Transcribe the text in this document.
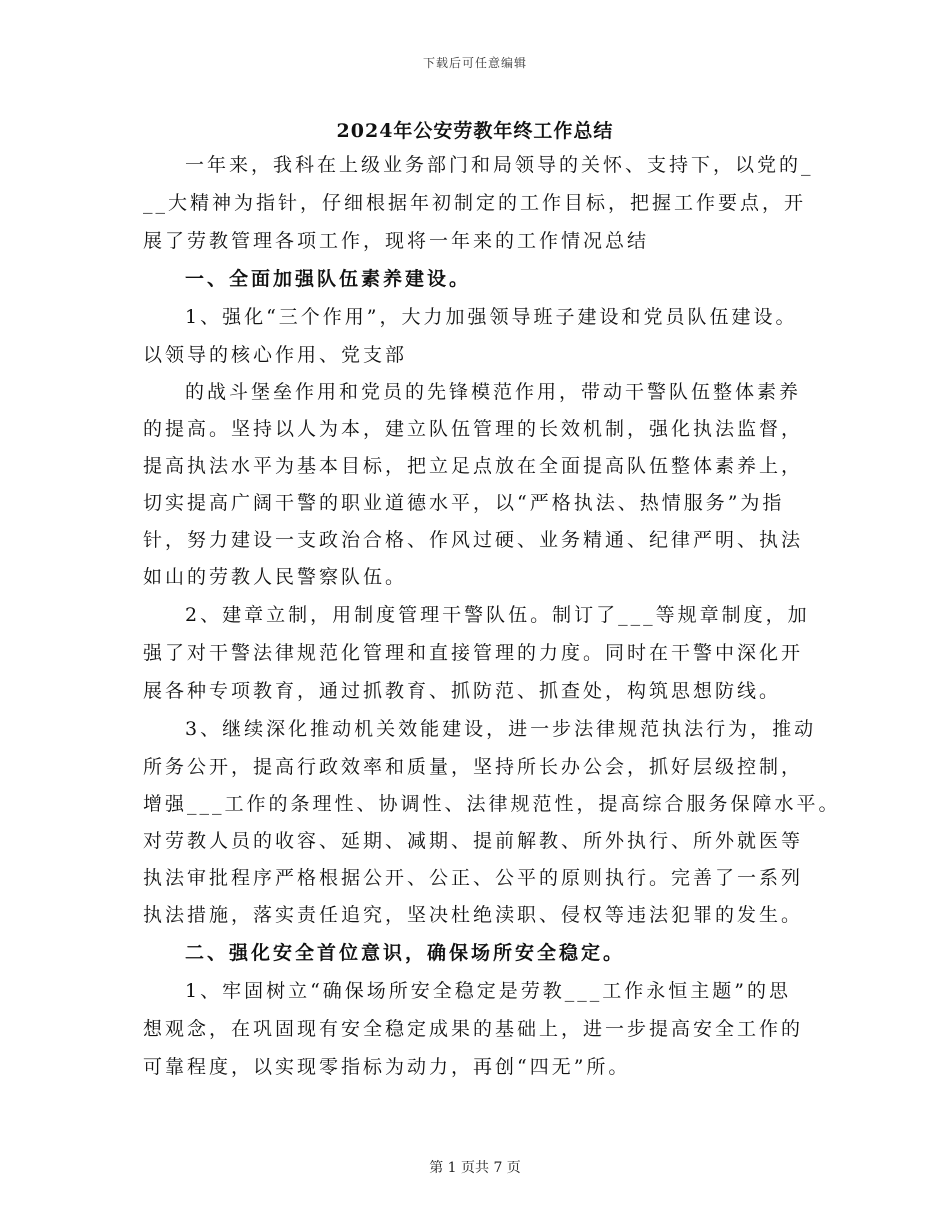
下载后可任意编辑
2024年公安劳教年终工作总结
一年来，我科在上级业务部门和局领导的关怀、支持下，以党的_
__大精神为指针，仔细根据年初制定的工作目标，把握工作要点，开
展了劳教管理各项工作，现将一年来的工作情况总结
一、全面加强队伍素养建设。
1、强化“三个作用”，大力加强领导班子建设和党员队伍建设。
以领导的核心作用、党支部
的战斗堡垒作用和党员的先锋模范作用，带动干警队伍整体素养
的提高。坚持以人为本，建立队伍管理的长效机制，强化执法监督，
提高执法水平为基本目标，把立足点放在全面提高队伍整体素养上，
切实提高广阔干警的职业道德水平，以“严格执法、热情服务”为指
针，努力建设一支政治合格、作风过硬、业务精通、纪律严明、执法
如山的劳教人民警察队伍。
2、建章立制，用制度管理干警队伍。制订了___等规章制度，加
强了对干警法律规范化管理和直接管理的力度。同时在干警中深化开
展各种专项教育，通过抓教育、抓防范、抓查处，构筑思想防线。
3、继续深化推动机关效能建设，进一步法律规范执法行为，推动
所务公开，提高行政效率和质量，坚持所长办公会，抓好层级控制，
增强___工作的条理性、协调性、法律规范性，提高综合服务保障水平。
对劳教人员的收容、延期、减期、提前解教、所外执行、所外就医等
执法审批程序严格根据公开、公正、公平的原则执行。完善了一系列
执法措施，落实责任追究，坚决杜绝渎职、侵权等违法犯罪的发生。
二、强化安全首位意识，确保场所安全稳定。
1、牢固树立“确保场所安全稳定是劳教___工作永恒主题”的思
想观念，在巩固现有安全稳定成果的基础上，进一步提高安全工作的
可靠程度，以实现零指标为动力，再创“四无”所。
第 1 页共 7 页
